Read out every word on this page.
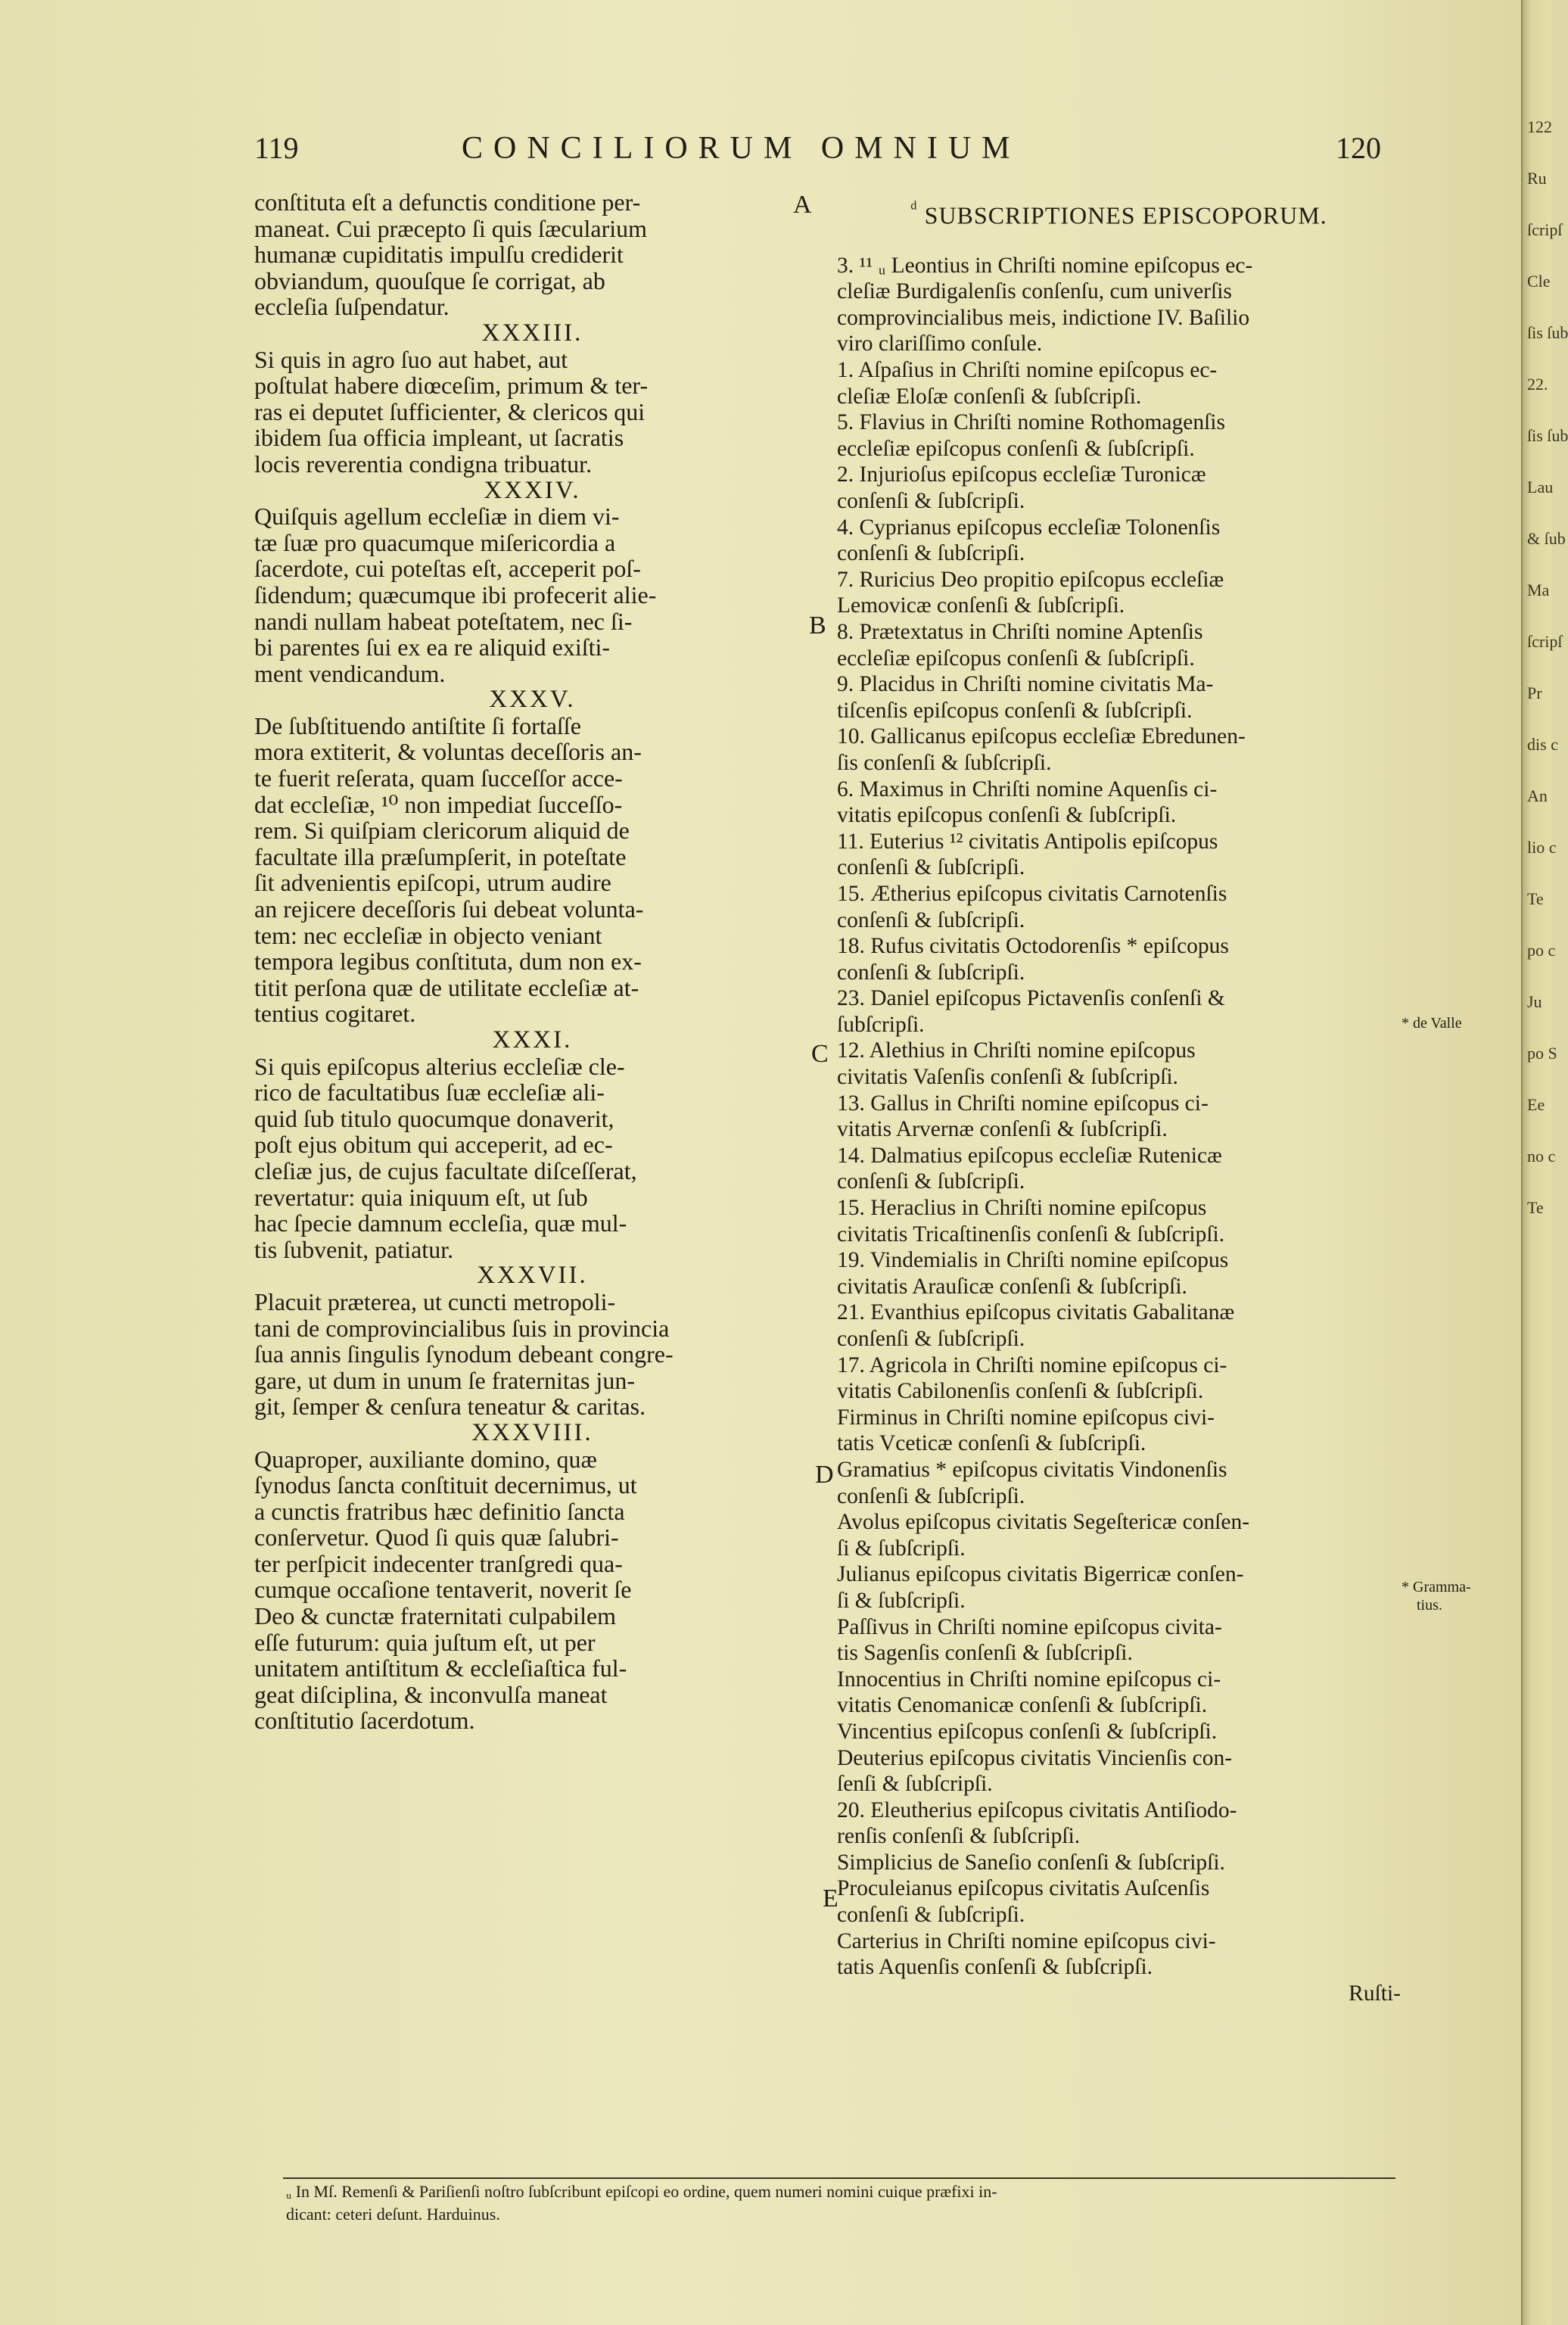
119	CONCILIORUM OMNIUM	120
conſtituta eſt a defunctis conditione per-
maneat. Cui præcepto ſi quis ſæcularium
humanæ cupiditatis impulſu crediderit
obviandum, quouſque ſe corrigat, ab
eccleſia ſuſpendatur.
XXXIII.
Si quis in agro ſuo aut habet, aut
poſtulat habere diœceſim, primum & ter-
ras ei deputet ſufficienter, & clericos qui
ibidem ſua officia impleant, ut ſacratis
locis reverentia condigna tribuatur.
XXXIV.
Quiſquis agellum eccleſiæ in diem vi-
tæ ſuæ pro quacumque miſericordia a
ſacerdote, cui poteſtas eſt, acceperit poſ-
ſidendum; quæcumque ibi profecerit alie-
nandi nullam habeat poteſtatem, nec ſi-
bi parentes ſui ex ea re aliquid exiſti-
ment vendicandum.
XXXV.
De ſubſtituendo antiſtite ſi fortaſſe
mora extiterit, & voluntas deceſſoris an-
te fuerit reſerata, quam ſucceſſor acce-
dat eccleſiæ, ¹⁰ non impediat ſucceſſo-
rem. Si quiſpiam clericorum aliquid de
facultate illa præſumpſerit, in poteſtate
ſit advenientis epiſcopi, utrum audire
an rejicere deceſſoris ſui debeat volunta-
tem: nec eccleſiæ in objecto veniant
tempora legibus conſtituta, dum non ex-
titit perſona quæ de utilitate eccleſiæ at-
tentius cogitaret.
XXXI.
Si quis epiſcopus alterius eccleſiæ cle-
rico de facultatibus ſuæ eccleſiæ ali-
quid ſub titulo quocumque donaverit,
poſt ejus obitum qui acceperit, ad ec-
cleſiæ jus, de cujus facultate diſceſſerat,
revertatur: quia iniquum eſt, ut ſub
hac ſpecie damnum eccleſia, quæ mul-
tis ſubvenit, patiatur.
XXXVII.
Placuit præterea, ut cuncti metropoli-
tani de comprovincialibus ſuis in provincia
ſua annis ſingulis ſynodum debeant congre-
gare, ut dum in unum ſe fraternitas jun-
git, ſemper & cenſura teneatur & caritas.
XXXVIII.
Quaproper, auxiliante domino, quæ
ſynodus ſancta conſtituit decernimus, ut
a cunctis fratribus hæc definitio ſancta
conſervetur. Quod ſi quis quæ ſalubri-
ter perſpicit indecenter tranſgredi qua-
cumque occaſione tentaverit, noverit ſe
Deo & cunctæ fraternitati culpabilem
eſſe futurum: quia juſtum eſt, ut per
unitatem antiſtitum & eccleſiaſtica ful-
geat diſciplina, & inconvulſa maneat
conſtitutio ſacerdotum.
$^ᵈ$ SUBSCRIPTIONES EPISCOPORUM.
3. ¹¹ ᵤ Leontius in Chriſti nomine epiſcopus ec-
cleſiæ Burdigalenſis conſenſu, cum univerſis
comprovincialibus meis, indictione IV. Baſilio
viro clariſſimo conſule.
1. Aſpaſius in Chriſti nomine epiſcopus ec-
cleſiæ Eloſæ conſenſi & ſubſcripſi.
5. Flavius in Chriſti nomine Rothomagenſis
eccleſiæ epiſcopus conſenſi & ſubſcripſi.
2. Injurioſus epiſcopus eccleſiæ Turonicæ
conſenſi & ſubſcripſi.
4. Cyprianus epiſcopus eccleſiæ Tolonenſis
conſenſi & ſubſcripſi.
7. Ruricius Deo propitio epiſcopus eccleſiæ
Lemovicæ conſenſi & ſubſcripſi.
8. Prætextatus in Chriſti nomine Aptenſis
eccleſiæ epiſcopus conſenſi & ſubſcripſi.
9. Placidus in Chriſti nomine civitatis Ma-
tiſcenſis epiſcopus conſenſi & ſubſcripſi.
10. Gallicanus epiſcopus eccleſiæ Ebredunen-
ſis conſenſi & ſubſcripſi.
6. Maximus in Chriſti nomine Aquenſis ci-
vitatis epiſcopus conſenſi & ſubſcripſi.
11. Euterius ¹² civitatis Antipolis epiſcopus
conſenſi & ſubſcripſi.
15. Ætherius epiſcopus civitatis Carnotenſis
conſenſi & ſubſcripſi.
18. Rufus civitatis Octodorenſis * epiſcopus
conſenſi & ſubſcripſi.
23. Daniel epiſcopus Pictavenſis conſenſi &
ſubſcripſi.
12. Alethius in Chriſti nomine epiſcopus
civitatis Vaſenſis conſenſi & ſubſcripſi.
13. Gallus in Chriſti nomine epiſcopus ci-
vitatis Arvernæ conſenſi & ſubſcripſi.
14. Dalmatius epiſcopus eccleſiæ Rutenicæ
conſenſi & ſubſcripſi.
15. Heraclius in Chriſti nomine epiſcopus
civitatis Tricaſtinenſis conſenſi & ſubſcripſi.
19. Vindemialis in Chriſti nomine epiſcopus
civitatis Arauſicæ conſenſi & ſubſcripſi.
21. Evanthius epiſcopus civitatis Gabalitanæ
conſenſi & ſubſcripſi.
17. Agricola in Chriſti nomine epiſcopus ci-
vitatis Cabilonenſis conſenſi & ſubſcripſi.
Firminus in Chriſti nomine epiſcopus civi-
tatis Vceticæ conſenſi & ſubſcripſi.
Gramatius * epiſcopus civitatis Vindonenſis
conſenſi & ſubſcripſi.
Avolus epiſcopus civitatis Segeſtericæ conſen-
ſi & ſubſcripſi.
Julianus epiſcopus civitatis Bigerricæ conſen-
ſi & ſubſcripſi.
Paſſivus in Chriſti nomine epiſcopus civita-
tis Sagenſis conſenſi & ſubſcripſi.
Innocentius in Chriſti nomine epiſcopus ci-
vitatis Cenomanicæ conſenſi & ſubſcripſi.
Vincentius epiſcopus conſenſi & ſubſcripſi.
Deuterius epiſcopus civitatis Vincienſis con-
ſenſi & ſubſcripſi.
20. Eleutherius epiſcopus civitatis Antiſiodo-
renſis conſenſi & ſubſcripſi.
Simplicius de Saneſio conſenſi & ſubſcripſi.
Proculeianus epiſcopus civitatis Auſcenſis
conſenſi & ſubſcripſi.
Carterius in Chriſti nomine epiſcopus civi-
tatis Aquenſis conſenſi & ſubſcripſi.
Ruſti-
A
B
C
D
E
* de Valle
* Gramma-
tius.
ᵤ In Mſ. Remenſi & Pariſienſi noſtro ſubſcribunt epiſcopi eo ordine, quem numeri nomini cuique præfixi in-
dicant: ceteri deſunt. Harduinus.
122
Ru
ſcripſ
Cle
ſis ſub
22.
ſis ſub
Lau
& ſub
Ma
ſcripſ
Pr
dis c
An
lio c
Te
po c
Ju
po S
Ee
no c
Te
